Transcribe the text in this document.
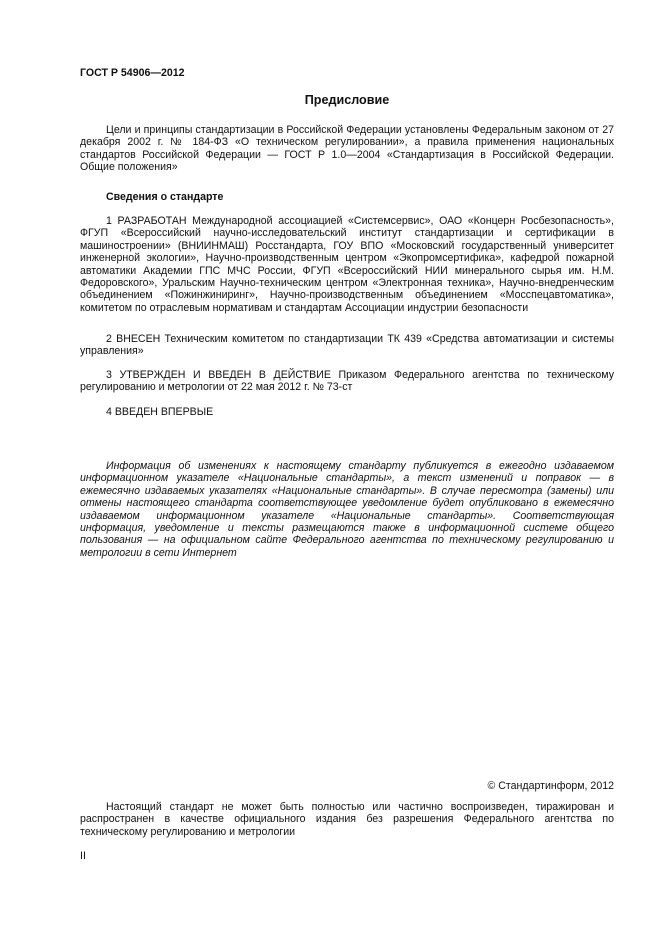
ГОСТ Р 54906—2012
Предисловие

Цели и принципы стандартизации в Российской Федерации установлены Федеральным законом от 27 декабря 2002 г. № 184-ФЗ «О техническом регулировании», а правила применения национальных стандартов Российской Федерации — ГОСТ Р 1.0—2004 «Стандартизация в Российской Федерации. Общие положения»

Сведения о стандарте

1 РАЗРАБОТАН Международной ассоциацией «Системсервис», ОАО «Концерн Росбезопасность», ФГУП «Всероссийский научно-исследовательский институт стандартизации и сертификации в машиностроении» (ВНИИНМАШ) Росстандарта, ГОУ ВПО «Московский государственный университет инженерной экологии», Научно-производственным центром «Экопромсертифика», кафедрой пожарной автоматики Академии ГПС МЧС России, ФГУП «Всероссийский НИИ минерального сырья им. Н.М. Федоровского», Уральским Научно-техническим центром «Электронная техника», Научно-внедренческим объединением «Пожинжиниринг», Научно-производственным объединением «Мосспецавтоматика», комитетом по отраслевым нормативам и стандартам Ассоциации индустрии безопасности

2 ВНЕСЕН Техническим комитетом по стандартизации ТК 439 «Средства автоматизации и системы управления»

3 УТВЕРЖДЕН И ВВЕДЕН В ДЕЙСТВИЕ Приказом Федерального агентства по техническому регулированию и метрологии от 22 мая 2012 г. № 73-ст

4 ВВЕДЕН ВПЕРВЫЕ

Информация об изменениях к настоящему стандарту публикуется в ежегодно издаваемом информационном указателе «Национальные стандарты», а текст изменений и поправок — в ежемесячно издаваемых указателях «Национальные стандарты». В случае пересмотра (замены) или отмены настоящего стандарта соответствующее уведомление будет опубликовано в ежемесячно издаваемом информационном указателе «Национальные стандарты». Соответствующая информация, уведомление и тексты размещаются также в информационной системе общего пользования — на официальном сайте Федерального агентства по техническому регулированию и метрологии в сети Интернет

© Стандартинформ, 2012

Настоящий стандарт не может быть полностью или частично воспроизведен, тиражирован и распространен в качестве официального издания без разрешения Федерального агентства по техническому регулированию и метрологии

II
